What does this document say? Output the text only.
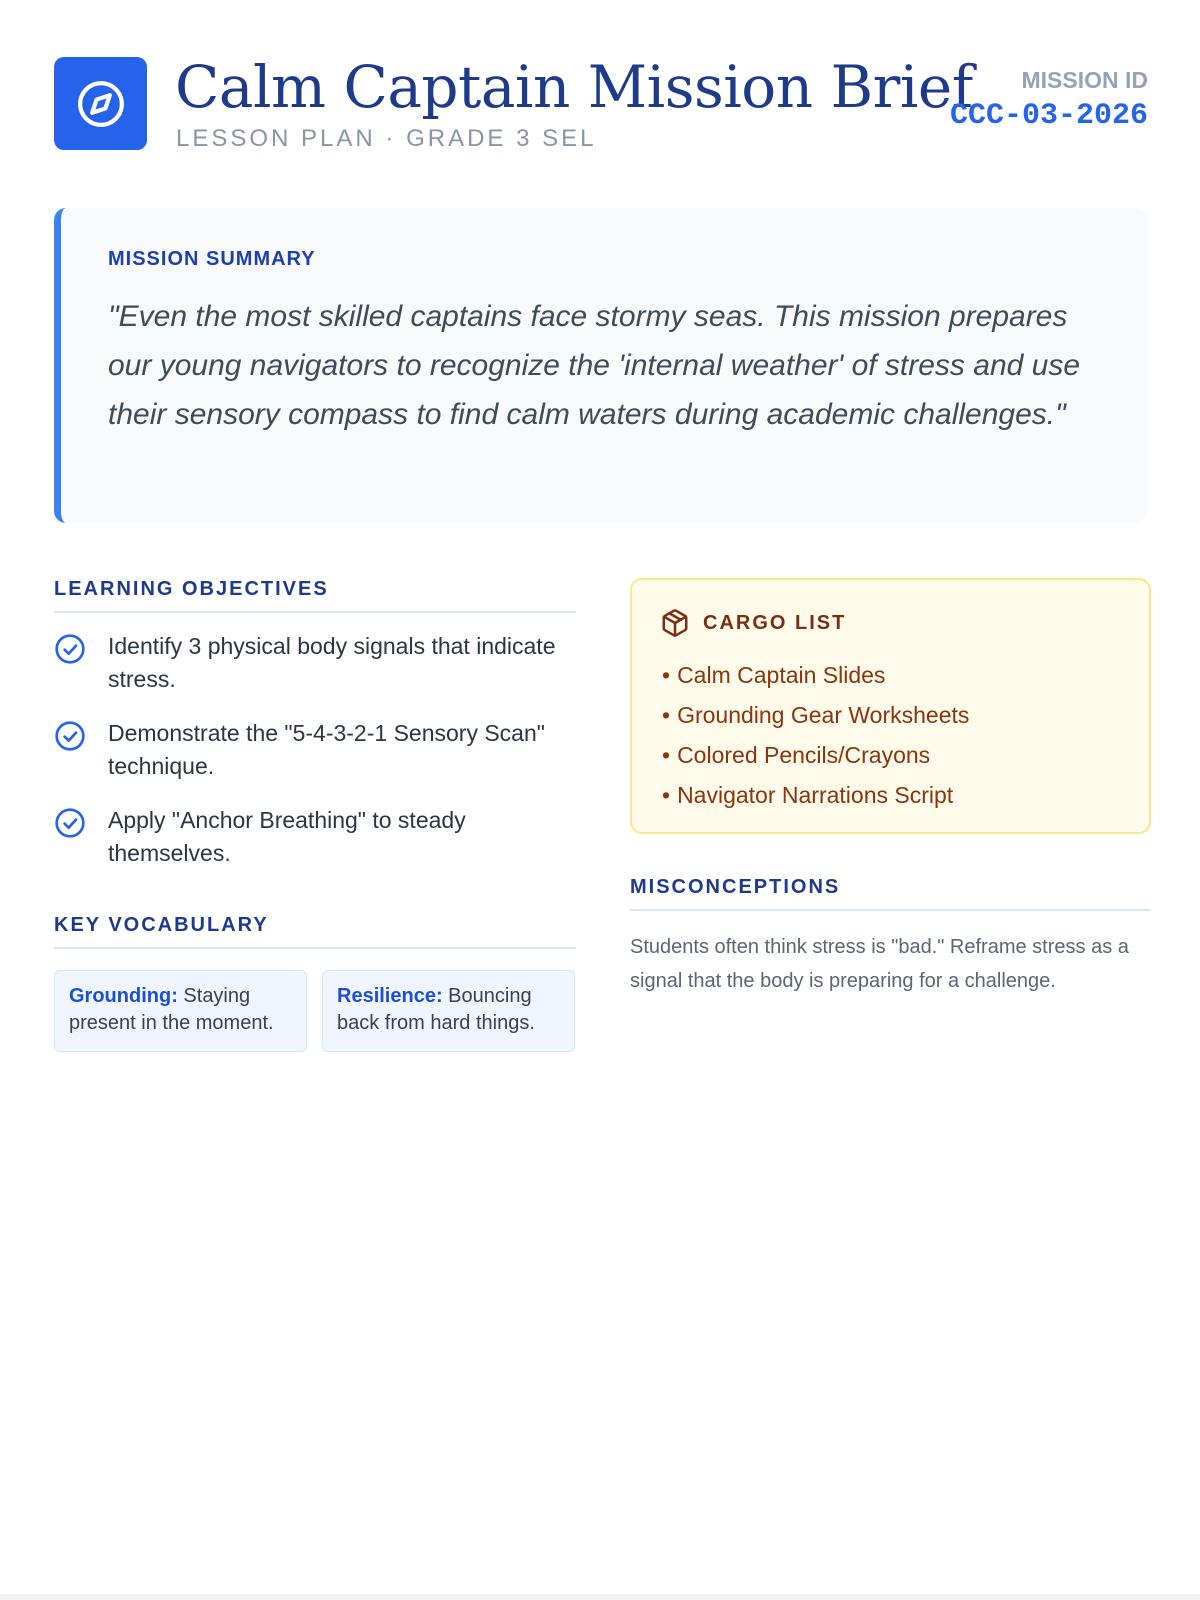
Calm Captain Mission Brief
LESSON PLAN · GRADE 3 SEL
MISSION ID
CCC-03-2026
MISSION SUMMARY
"Even the most skilled captains face stormy seas. This mission prepares our young navigators to recognize the 'internal weather' of stress and use their sensory compass to find calm waters during academic challenges."
LEARNING OBJECTIVES
Identify 3 physical body signals that indicate stress.
Demonstrate the "5-4-3-2-1 Sensory Scan" technique.
Apply "Anchor Breathing" to steady themselves.
KEY VOCABULARY
Grounding: Staying present in the moment.
Resilience: Bouncing back from hard things.
CARGO LIST
• Calm Captain Slides
• Grounding Gear Worksheets
• Colored Pencils/Crayons
• Navigator Narrations Script
MISCONCEPTIONS
Students often think stress is "bad." Reframe stress as a signal that the body is preparing for a challenge.
